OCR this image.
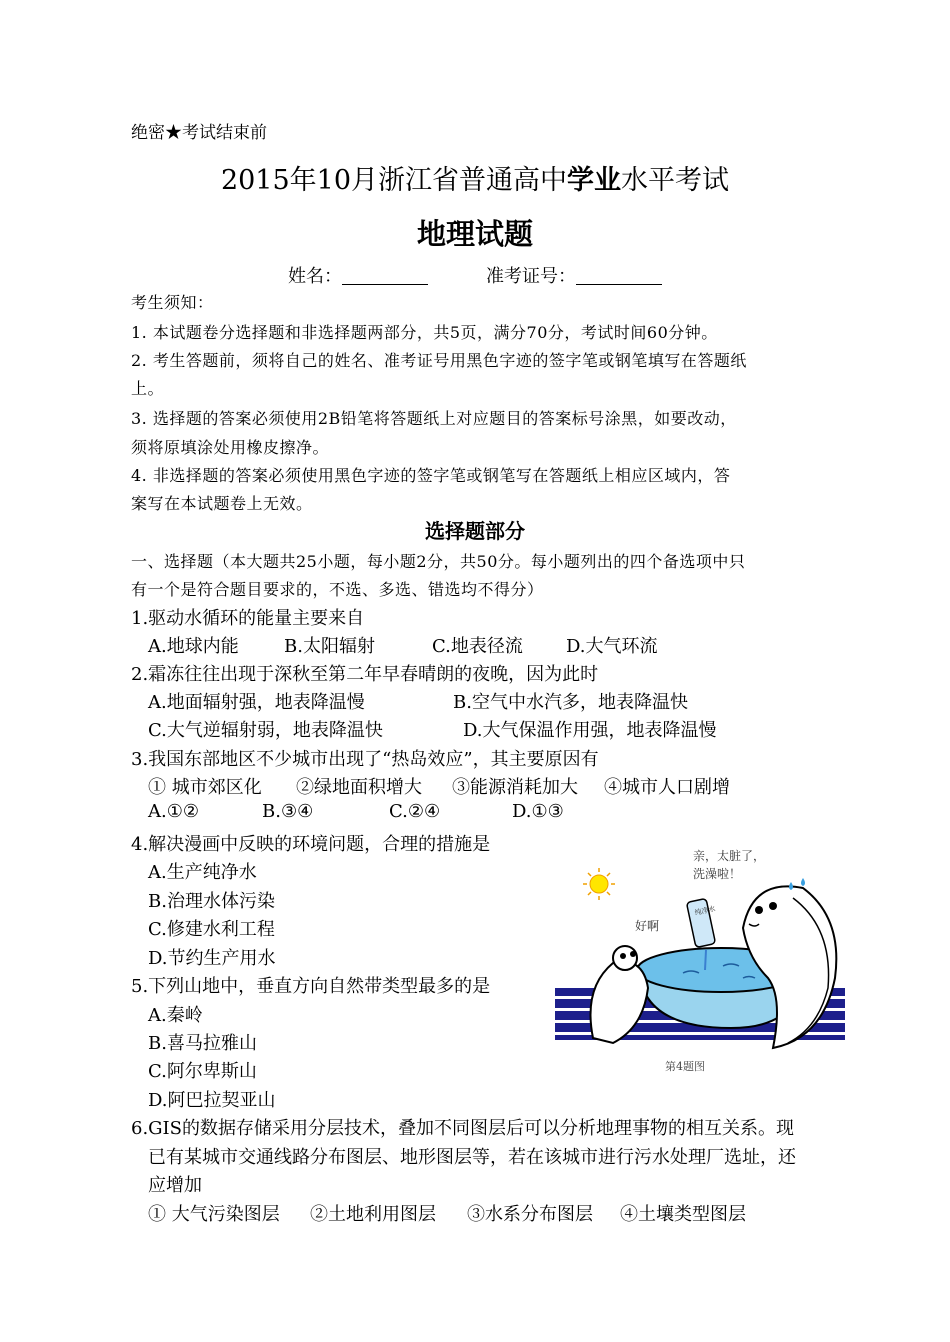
绝密★考试结束前
2015年10月浙江省普通高中学业水平考试
地理试题
姓名：	准考证号：
考生须知：
1. 本试题卷分选择题和非选择题两部分，共5页，满分70分，考试时间60分钟。
2. 考生答题前，须将自己的姓名、准考证号用黑色字迹的签字笔或钢笔填写在答题纸
上。
3. 选择题的答案必须使用2B铅笔将答题纸上对应题目的答案标号涂黑，如要改动，
须将原填涂处用橡皮擦净。
4. 非选择题的答案必须使用黑色字迹的签字笔或钢笔写在答题纸上相应区域内，答
案写在本试题卷上无效。
选择题部分
一、选择题（本大题共25小题，每小题2分，共50分。每小题列出的四个备选项中只
有一个是符合题目要求的，不选、多选、错选均不得分）
1.驱动水循环的能量主要来自
A.地球内能	B.太阳辐射	C.地表径流 D.大气环流
2.霜冻往往出现于深秋至第二年早春晴朗的夜晚，因为此时
A.地面辐射强，地表降温慢	B.空气中水汽多，地表降温快
C.大气逆辐射弱，地表降温快	D.大气保温作用强，地表降温慢
3.我国东部地区不少城市出现了“热岛效应”，其主要原因有
① 城市郊区化 ②绿地面积增大 ③能源消耗加大 ④城市人口剧增
A.①②	B.③④	C.②④	D.①③
4.解决漫画中反映的环境问题，合理的措施是
A.生产纯净水
B.治理水体污染
C.修建水利工程
D.节约生产用水
5.下列山地中，垂直方向自然带类型最多的是
A.秦岭
B.喜马拉雅山
C.阿尔卑斯山
D.阿巴拉契亚山
6.GIS的数据存储采用分层技术，叠加不同图层后可以分析地理事物的相互关系。现
已有某城市交通线路分布图层、地形图层等，若在该城市进行污水处理厂选址，还
应增加
① 大气污染图层 ②土地利用图层 ③水系分布图层 ④土壤类型图层
亲，太脏了，
洗澡啦！
好啊
纯净水
第4题图
